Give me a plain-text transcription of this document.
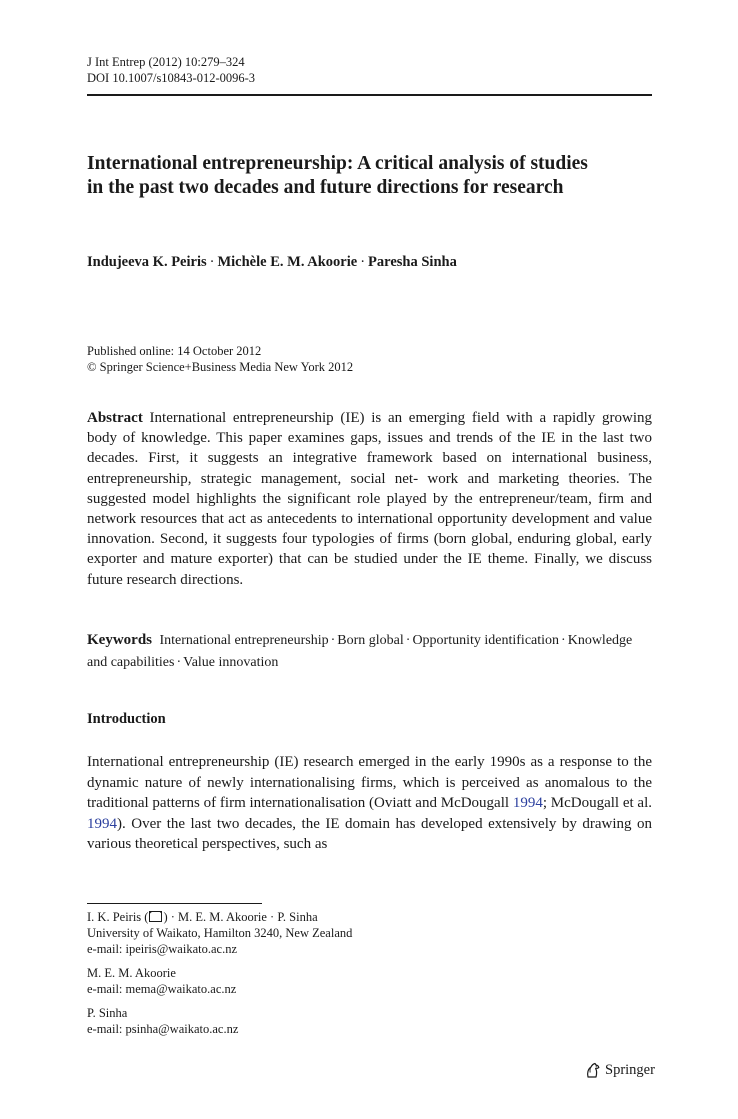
J Int Entrep (2012) 10:279–324
DOI 10.1007/s10843-012-0096-3
International entrepreneurship: A critical analysis of studies in the past two decades and future directions for research
Indujeeva K. Peiris · Michèle E. M. Akoorie · Paresha Sinha
Published online: 14 October 2012
© Springer Science+Business Media New York 2012

Abstract International entrepreneurship (IE) is an emerging field with a rapidly growing body of knowledge. This paper examines gaps, issues and trends of the IE in the last two decades. First, it suggests an integrative framework based on international business, entrepreneurship, strategic management, social net- work and marketing theories. The suggested model highlights the significant role played by the entrepreneur/team, firm and network resources that act as antecedents to international opportunity development and value innovation. Second, it suggests four typologies of firms (born global, enduring global, early exporter and mature exporter) that can be studied under the IE theme. Finally, we discuss future research directions.

Keywords International entrepreneurship · Born global · Opportunity identification · Knowledge and capabilities · Value innovation

Introduction

International entrepreneurship (IE) research emerged in the early 1990s as a response to the dynamic nature of newly internationalising firms, which is perceived as anomalous to the traditional patterns of firm internationalisation (Oviatt and McDougall 1994; McDougall et al. 1994). Over the last two decades, the IE domain has developed extensively by drawing on various theoretical perspectives, such as

I. K. Peiris ( ) · M. E. M. Akoorie · P. Sinha
University of Waikato, Hamilton 3240, New Zealand
e-mail: ipeiris@waikato.ac.nz
M. E. M. Akoorie
e-mail: mema@waikato.ac.nz
P. Sinha
e-mail: psinha@waikato.ac.nz
Springer
